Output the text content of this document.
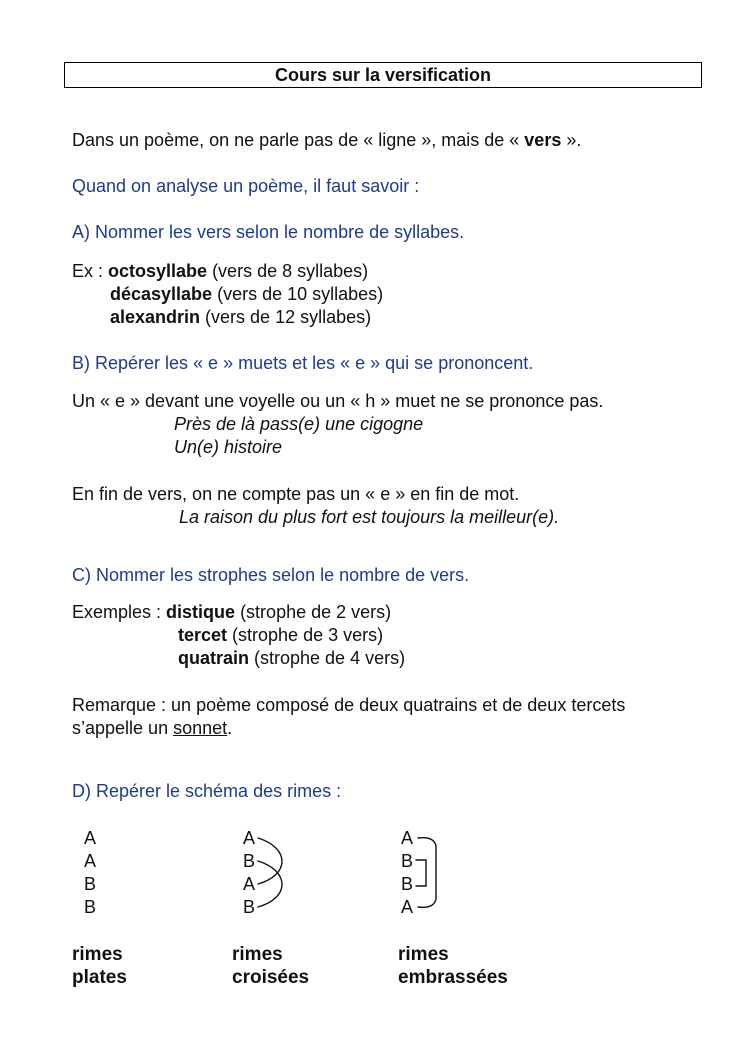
Cours sur la versification
Dans un poème, on ne parle pas de « ligne », mais de « vers ».
Quand on analyse un poème, il faut savoir :
A) Nommer les vers selon le nombre de syllabes.
Ex : octosyllabe (vers de 8 syllabes)
décasyllabe (vers de 10 syllabes)
alexandrin (vers de 12 syllabes)
B) Repérer les « e » muets et les « e » qui se prononcent.
Un « e » devant une voyelle ou un « h » muet ne se prononce pas.
Près de là pass(e) une cigogne
Un(e) histoire
En fin de vers, on ne compte pas un « e » en fin de mot.
La raison du plus fort est toujours la meilleur(e).
C) Nommer les strophes selon le nombre de vers.
Exemples : distique (strophe de 2 vers)
tercet (strophe de 3 vers)
quatrain (strophe de 4 vers)
Remarque : un poème composé de deux quatrains et de deux tercets
s’appelle un sonnet.
D) Repérer le schéma des rimes :
A
A
B
B
A
B
A
B
A
B
B
A
rimes
plates
rimes
croisées
rimes
embrassées
